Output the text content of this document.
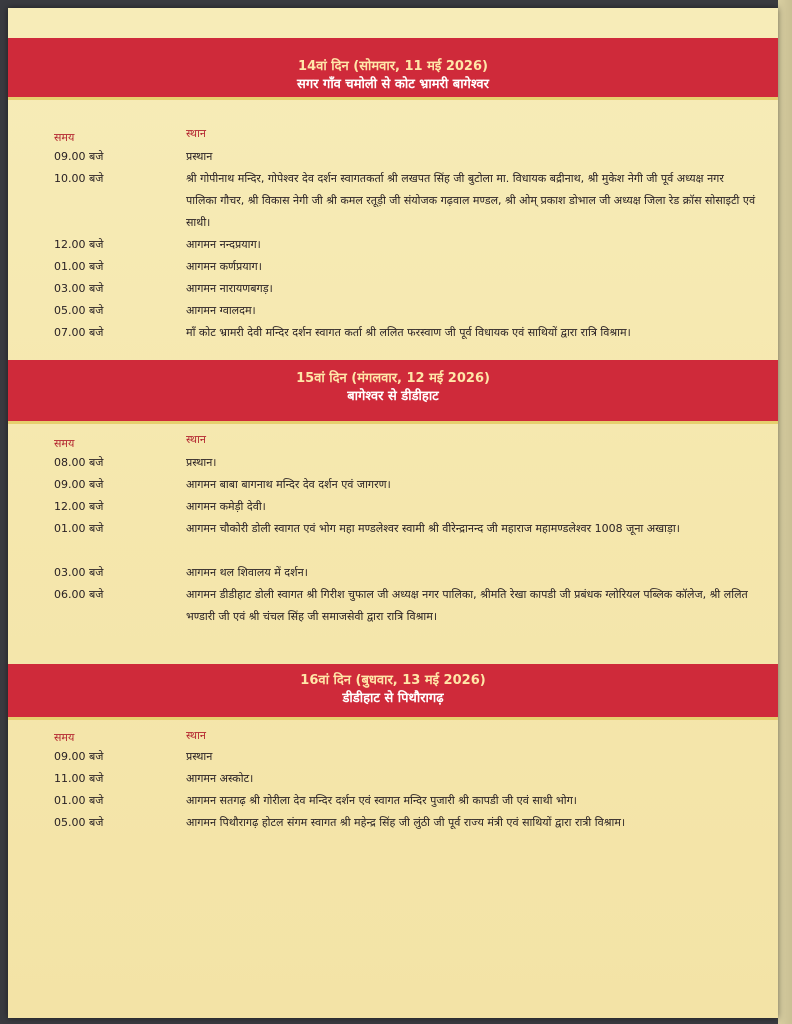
14वां दिन (सोमवार, 11 मई 2026)
सगर गाँव चमोली से कोट भ्रामरी बागेश्वर
समय	स्थान
09.00 बजे	प्रस्थान
10.00 बजे	श्री गोपीनाथ मन्दिर, गोपेश्वर देव दर्शन स्वागतकर्ता श्री लखपत सिंह जी बुटोला मा. विधायक बद्रीनाथ, श्री मुकेश नेगी जी पूर्व अध्यक्ष नगर पालिका गौचर, श्री विकास नेगी जी श्री कमल रतूड़ी जी संयोजक गढ़वाल मण्डल, श्री ओम् प्रकाश डोभाल जी अध्यक्ष जिला रेड क्रॉस सोसाइटी एवं साथी।
12.00 बजे	आगमन नन्दप्रयाग।
01.00 बजे	आगमन कर्णप्रयाग।
03.00 बजे	आगमन नारायणबगड़।
05.00 बजे	आगमन ग्वालदम।
07.00 बजे	माँ कोट भ्रामरी देवी मन्दिर दर्शन स्वागत कर्ता श्री ललित फरस्वाण जी पूर्व विधायक एवं साथियों द्वारा रात्रि विश्राम।
15वां दिन (मंगलवार, 12 मई 2026)
बागेश्वर से डीडीहाट
समय	स्थान
08.00 बजे	प्रस्थान।
09.00 बजे	आगमन बाबा बागनाथ मन्दिर देव दर्शन एवं जागरण।
12.00 बजे	आगमन कमेड़ी देवी।
01.00 बजे	आगमन चौकोरी डोली स्वागत एवं भोग महा मण्डलेश्वर स्वामी श्री वीरेन्द्रानन्द जी महाराज महामण्डलेश्वर 1008 जूना अखाड़ा।
03.00 बजे	आगमन थल शिवालय में दर्शन।
06.00 बजे	आगमन डीडीहाट डोली स्वागत श्री गिरीश चुफाल जी अध्यक्ष नगर पालिका, श्रीमति रेखा कापडी जी प्रबंधक ग्लोरियल पब्लिक कॉलेज, श्री ललित भण्डारी जी एवं श्री चंचल सिंह जी समाजसेवी द्वारा रात्रि विश्राम।
16वां दिन (बुधवार, 13 मई 2026)
डीडीहाट से पिथौरागढ़
समय	स्थान
09.00 बजे	प्रस्थान
11.00 बजे	आगमन अस्कोट।
01.00 बजे	आगमन सतगढ़ श्री गोरीला देव मन्दिर दर्शन एवं स्वागत मन्दिर पुजारी श्री कापडी जी एवं साथी भोग।
05.00 बजे	आगमन पिथौरागढ़ होटल संगम स्वागत श्री महेन्द्र सिंह जी लुंठी जी पूर्व राज्य मंत्री एवं साथियों द्वारा रात्री विश्राम।
